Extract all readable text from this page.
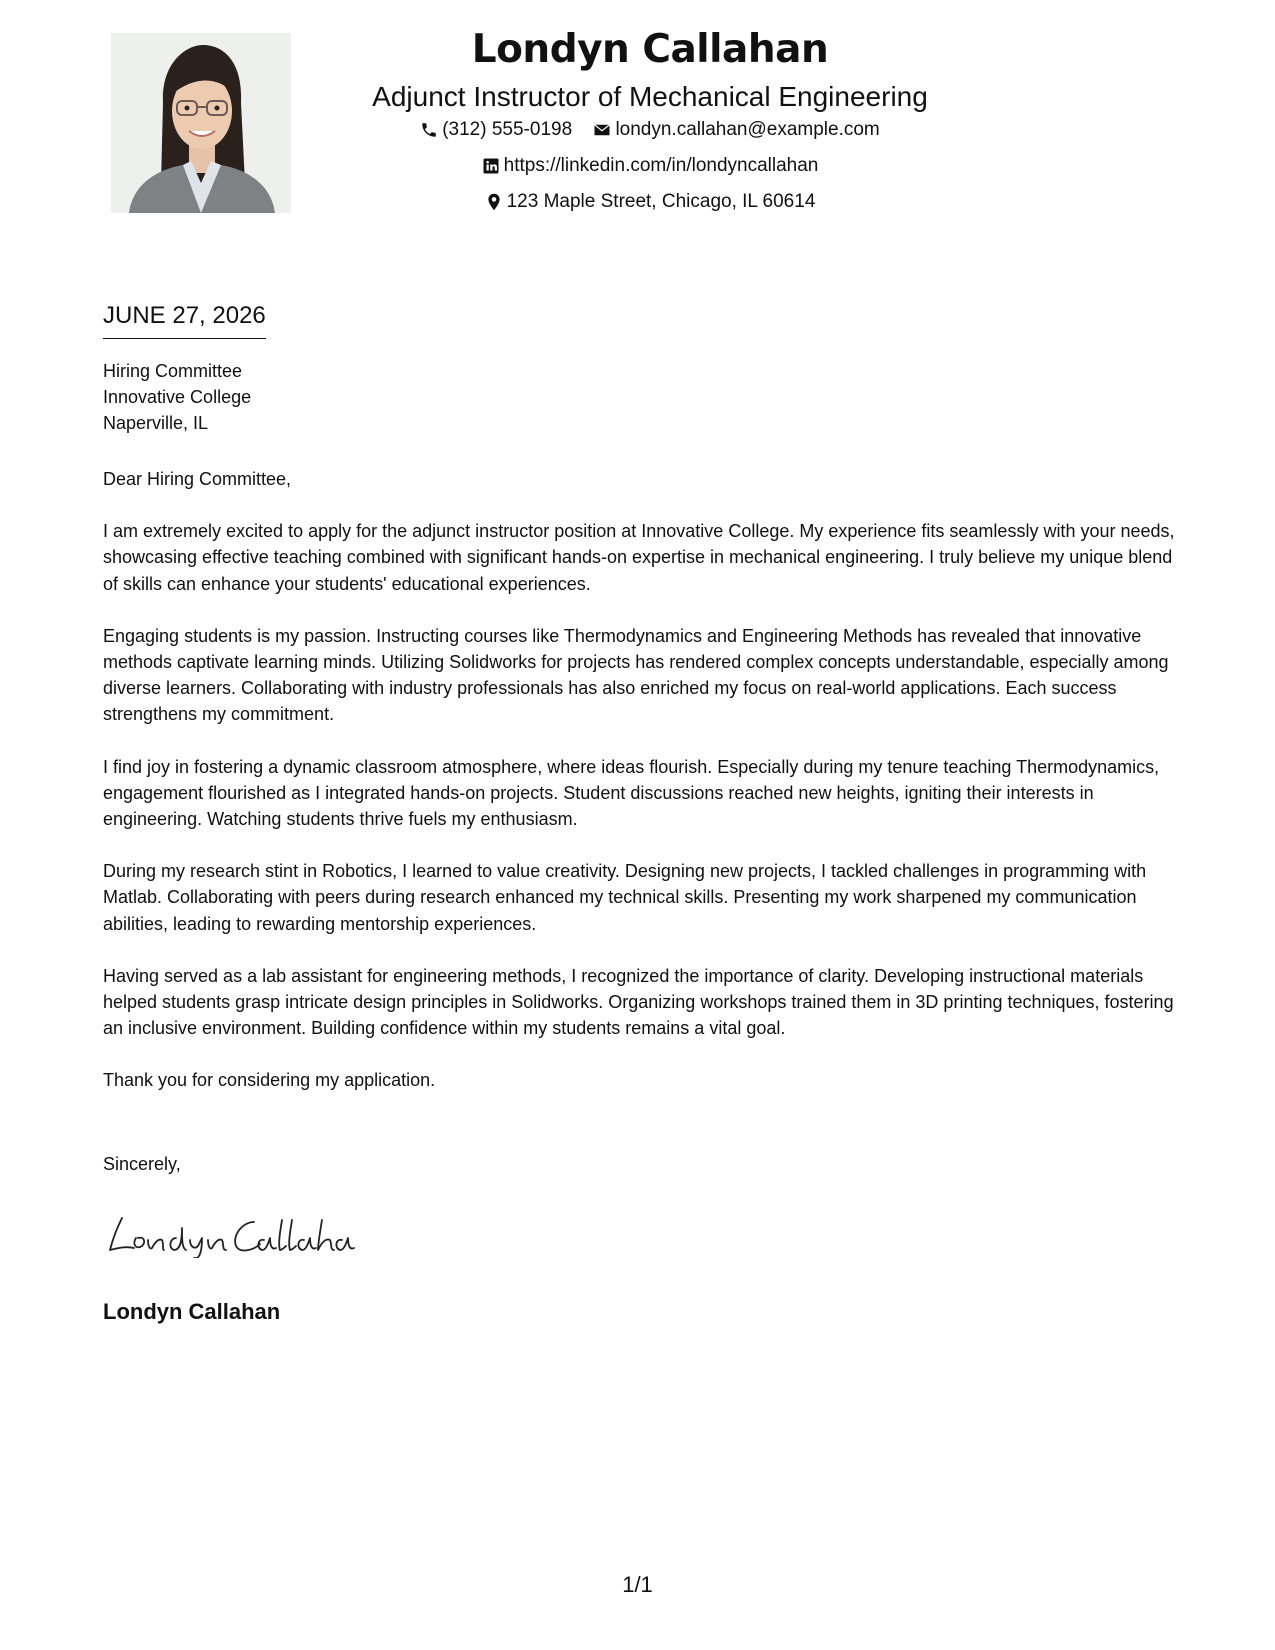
Londyn Callahan
Adjunct Instructor of Mechanical Engineering
(312) 555-0198
londyn.callahan@example.com
https://linkedin.com/in/londyncallahan
123 Maple Street, Chicago, IL 60614
JUNE 27, 2026
Hiring Committee
Innovative College
Naperville, IL

Dear Hiring Committee,

I am extremely excited to apply for the adjunct instructor position at Innovative College. My experience fits seamlessly with your needs, showcasing effective teaching combined with significant hands-on expertise in mechanical engineering. I truly believe my unique blend of skills can enhance your students' educational experiences.

Engaging students is my passion. Instructing courses like Thermodynamics and Engineering Methods has revealed that innovative methods captivate learning minds. Utilizing Solidworks for projects has rendered complex concepts understandable, especially among diverse learners. Collaborating with industry professionals has also enriched my focus on real-world applications. Each success strengthens my commitment.

I find joy in fostering a dynamic classroom atmosphere, where ideas flourish. Especially during my tenure teaching Thermodynamics, engagement flourished as I integrated hands-on projects. Student discussions reached new heights, igniting their interests in engineering. Watching students thrive fuels my enthusiasm.

During my research stint in Robotics, I learned to value creativity. Designing new projects, I tackled challenges in programming with Matlab. Collaborating with peers during research enhanced my technical skills. Presenting my work sharpened my communication abilities, leading to rewarding mentorship experiences.

Having served as a lab assistant for engineering methods, I recognized the importance of clarity. Developing instructional materials helped students grasp intricate design principles in Solidworks. Organizing workshops trained them in 3D printing techniques, fostering an inclusive environment. Building confidence within my students remains a vital goal.

Thank you for considering my application.

Sincerely,
Londyn Callahan
1/1
